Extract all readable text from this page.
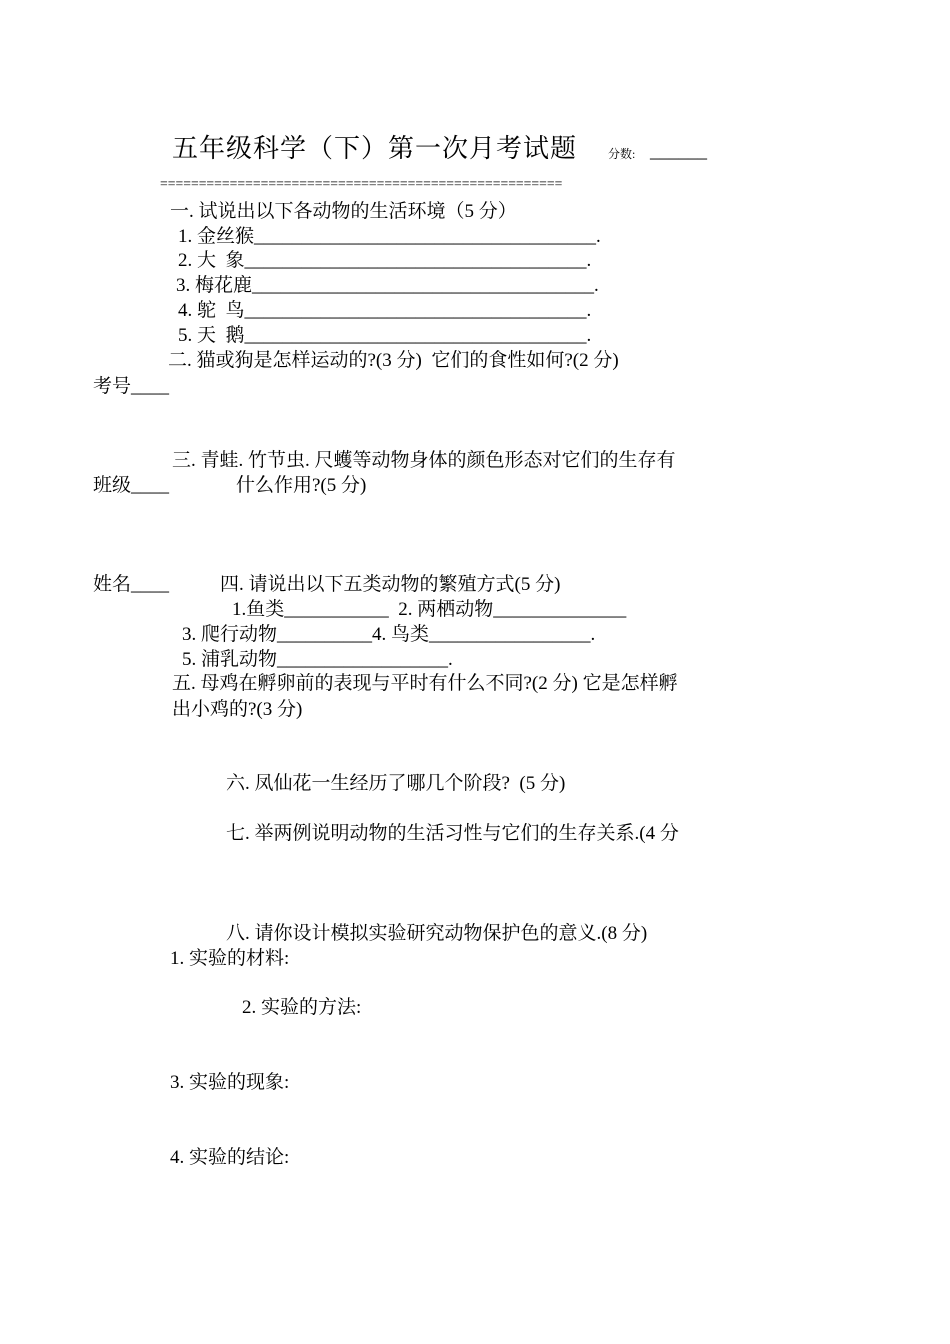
五年级科学（下）第一次月考试题	分数: ______
====================================================
一. 试说出以下各动物的生活环境（5 分）
1. 金丝猴____________________________________.
2. 大  象____________________________________.
3. 梅花鹿____________________________________.
4. 鸵  鸟____________________________________.
5. 天  鹅____________________________________.
二. 猫或狗是怎样运动的?(3 分)  它们的食性如何?(2 分)
考号____
三. 青蛙. 竹节虫. 尺蠖等动物身体的颜色形态对它们的生存有
班级____	什么作用?(5 分)
姓名____	四. 请说出以下五类动物的繁殖方式(5 分)
1.鱼类___________  2. 两栖动物______________
3. 爬行动物__________4. 鸟类_________________.
5. 浦乳动物__________________.
五. 母鸡在孵卵前的表现与平时有什么不同?(2 分) 它是怎样孵
出小鸡的?(3 分)
六. 凤仙花一生经历了哪几个阶段?  (5 分)
七. 举两例说明动物的生活习性与它们的生存关系.(4 分
八. 请你设计模拟实验研究动物保护色的意义.(8 分)
1. 实验的材料:
2. 实验的方法:
3. 实验的现象:
4. 实验的结论:
